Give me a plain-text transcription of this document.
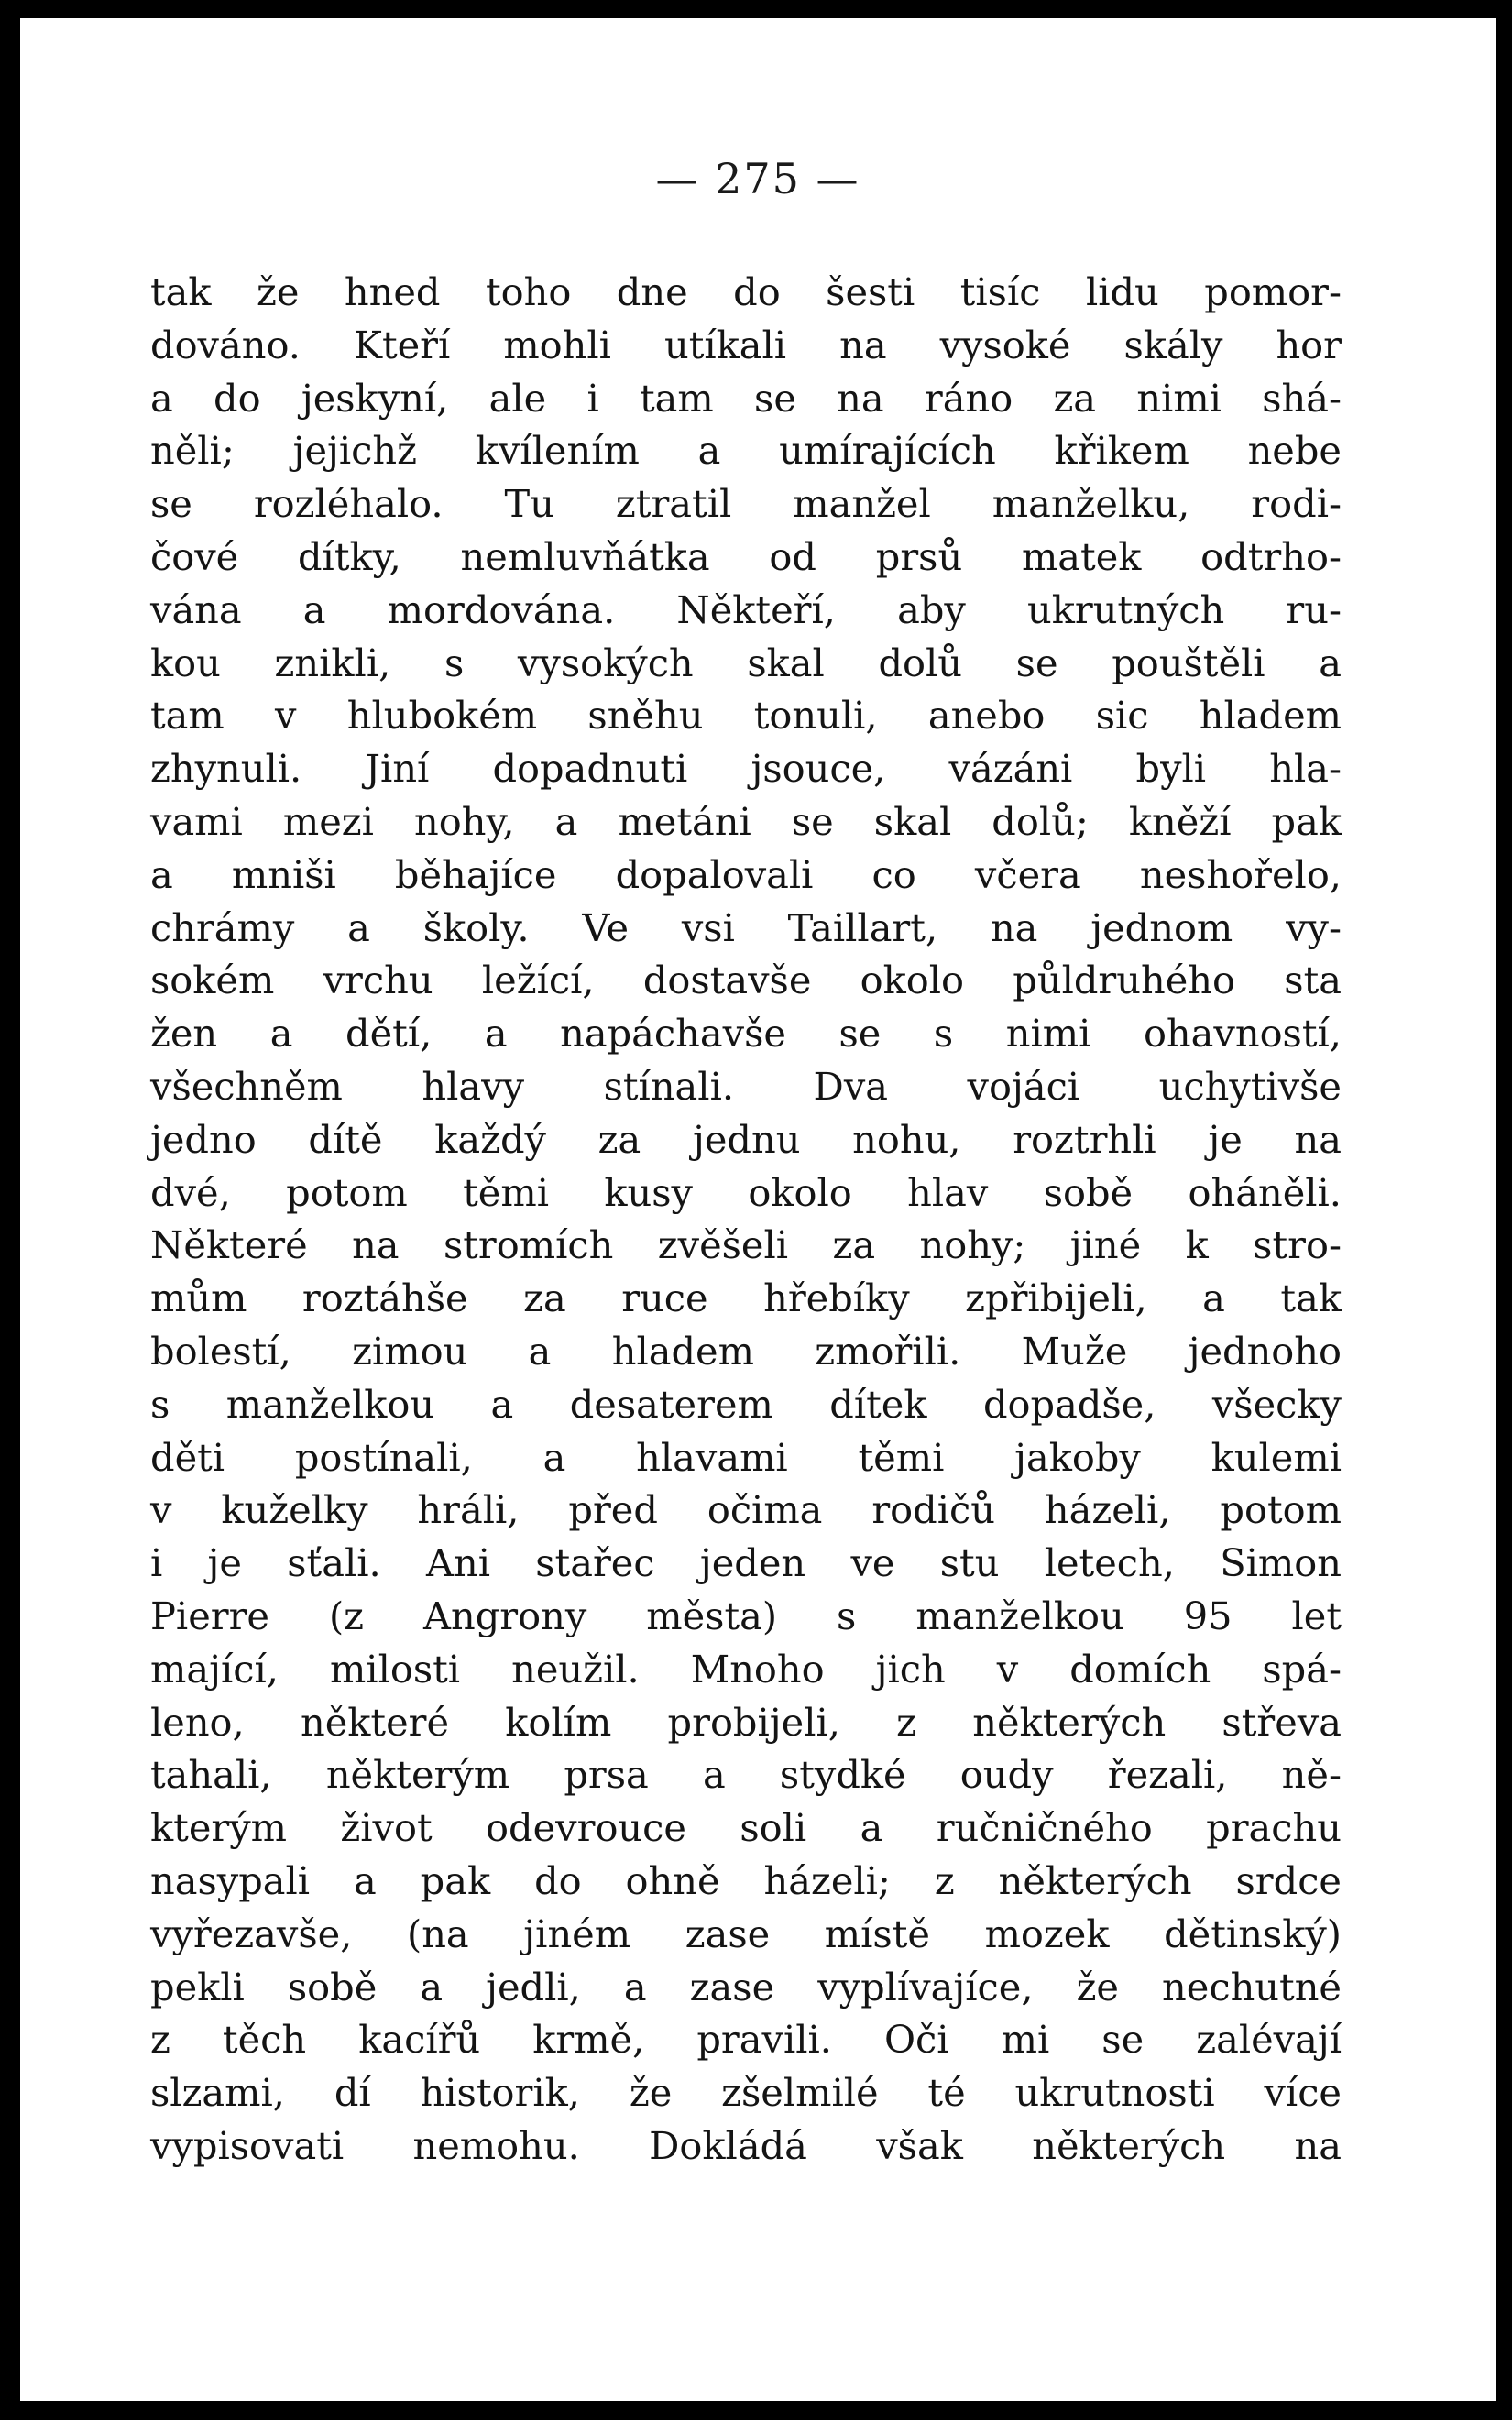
— 275 —
tak že hned toho dne do šesti tisíc lidu pomor-
dováno. Kteří mohli utíkali na vysoké skály hor
a do jeskyní, ale i tam se na ráno za nimi shá-
něli; jejichž kvílením a umírajících křikem nebe
se rozléhalo. Tu ztratil manžel manželku, rodi-
čové dítky, nemluvňátka od prsů matek odtrho-
vána a mordována. Někteří, aby ukrutných ru-
kou znikli, s vysokých skal dolů se pouštěli a
tam v hlubokém sněhu tonuli, anebo sic hladem
zhynuli. Jiní dopadnuti jsouce, vázáni byli hla-
vami mezi nohy, a metáni se skal dolů; kněží pak
a mniši běhajíce dopalovali co včera neshořelo,
chrámy a školy. Ve vsi Taillart, na jednom vy-
sokém vrchu ležící, dostavše okolo půldruhého sta
žen a dětí, a napáchavše se s nimi ohavností,
všechněm hlavy stínali. Dva vojáci uchytivše
jedno dítě každý za jednu nohu, roztrhli je na
dvé, potom těmi kusy okolo hlav sobě oháněli.
Některé na stromích zvěšeli za nohy; jiné k stro-
mům roztáhše za ruce hřebíky zpřibijeli, a tak
bolestí, zimou a hladem zmořili. Muže jednoho
s manželkou a desaterem dítek dopadše, všecky
děti postínali, a hlavami těmi jakoby kulemi
v kuželky hráli, před očima rodičů házeli, potom
i je sťali. Ani stařec jeden ve stu letech, Simon
Pierre (z Angrony města) s manželkou 95 let
mající, milosti neužil. Mnoho jich v domích spá-
leno, některé kolím probijeli, z některých střeva
tahali, některým prsa a stydké oudy řezali, ně-
kterým život odevrouce soli a ručničného prachu
nasypali a pak do ohně házeli; z některých srdce
vyřezavše, (na jiném zase místě mozek dětinský)
pekli sobě a jedli, a zase vyplívajíce, že nechutné
z těch kacířů krmě, pravili. Oči mi se zalévají
slzami, dí historik, že zšelmilé té ukrutnosti více
vypisovati nemohu. Dokládá však některých na
